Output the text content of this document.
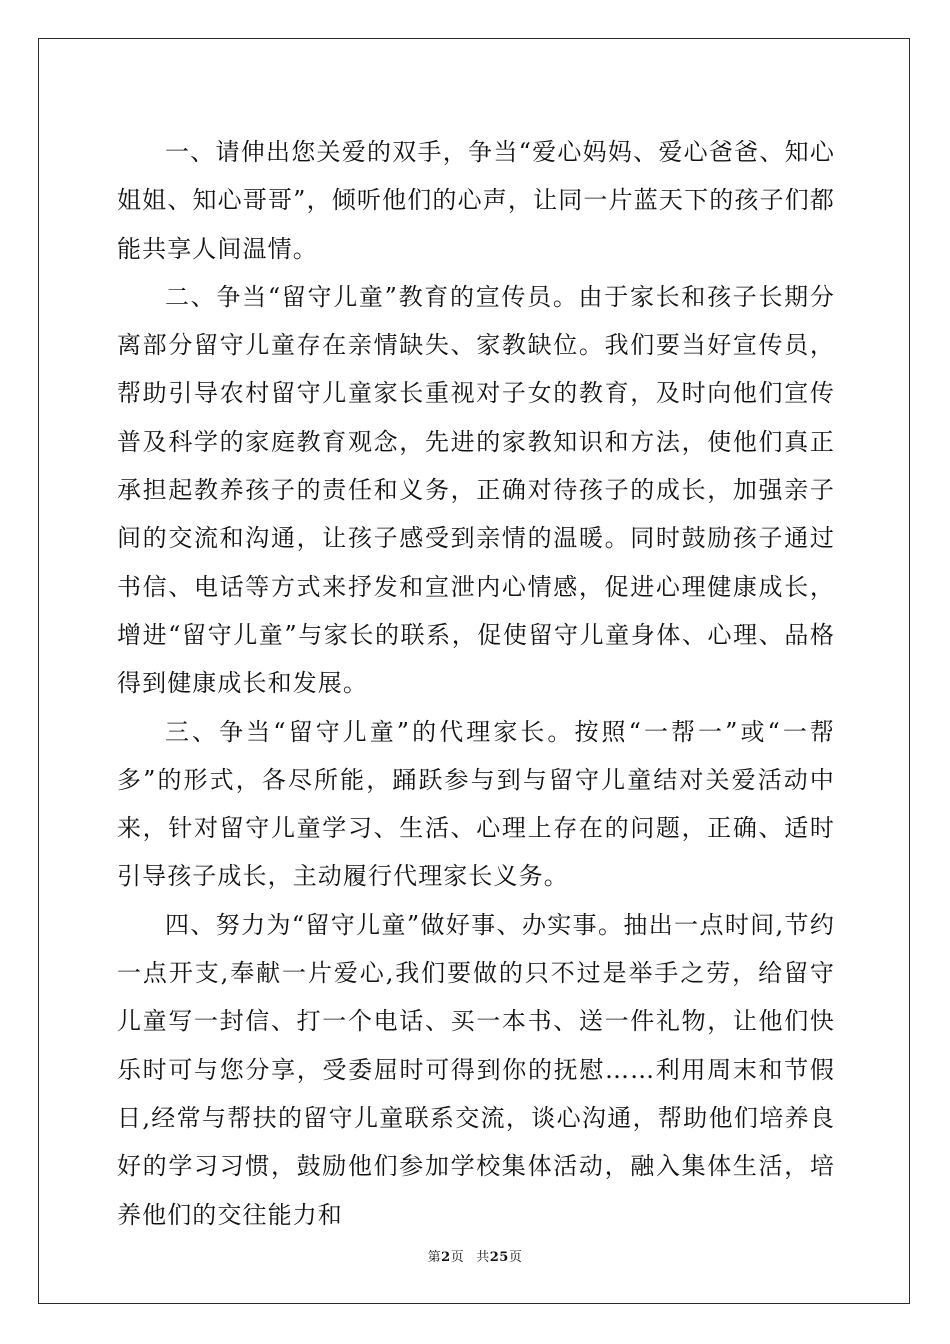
一、请伸出您关爱的双手，争当“爱心妈妈、爱心爸爸、知心姐姐、知心哥哥”，倾听他们的心声，让同一片蓝天下的孩子们都能共享人间温情。

二、争当“留守儿童”教育的宣传员。由于家长和孩子长期分离部分留守儿童存在亲情缺失、家教缺位。我们要当好宣传员，帮助引导农村留守儿童家长重视对子女的教育，及时向他们宣传普及科学的家庭教育观念，先进的家教知识和方法，使他们真正承担起教养孩子的责任和义务，正确对待孩子的成长，加强亲子间的交流和沟通，让孩子感受到亲情的温暖。同时鼓励孩子通过书信、电话等方式来抒发和宣泄内心情感，促进心理健康成长，增进“留守儿童”与家长的联系，促使留守儿童身体、心理、品格得到健康成长和发展。

三、争当“留守儿童”的代理家长。按照“一帮一”或“一帮多”的形式，各尽所能，踊跃参与到与留守儿童结对关爱活动中来，针对留守儿童学习、生活、心理上存在的问题，正确、适时引导孩子成长，主动履行代理家长义务。

四、努力为“留守儿童”做好事、办实事。抽出一点时间,节约一点开支,奉献一片爱心,我们要做的只不过是举手之劳，给留守儿童写一封信、打一个电话、买一本书、送一件礼物，让他们快乐时可与您分享，受委屈时可得到你的抚慰……利用周末和节假日,经常与帮扶的留守儿童联系交流，谈心沟通，帮助他们培养良好的学习习惯，鼓励他们参加学校集体活动，融入集体生活，培养他们的交往能力和

第2页 共25页
